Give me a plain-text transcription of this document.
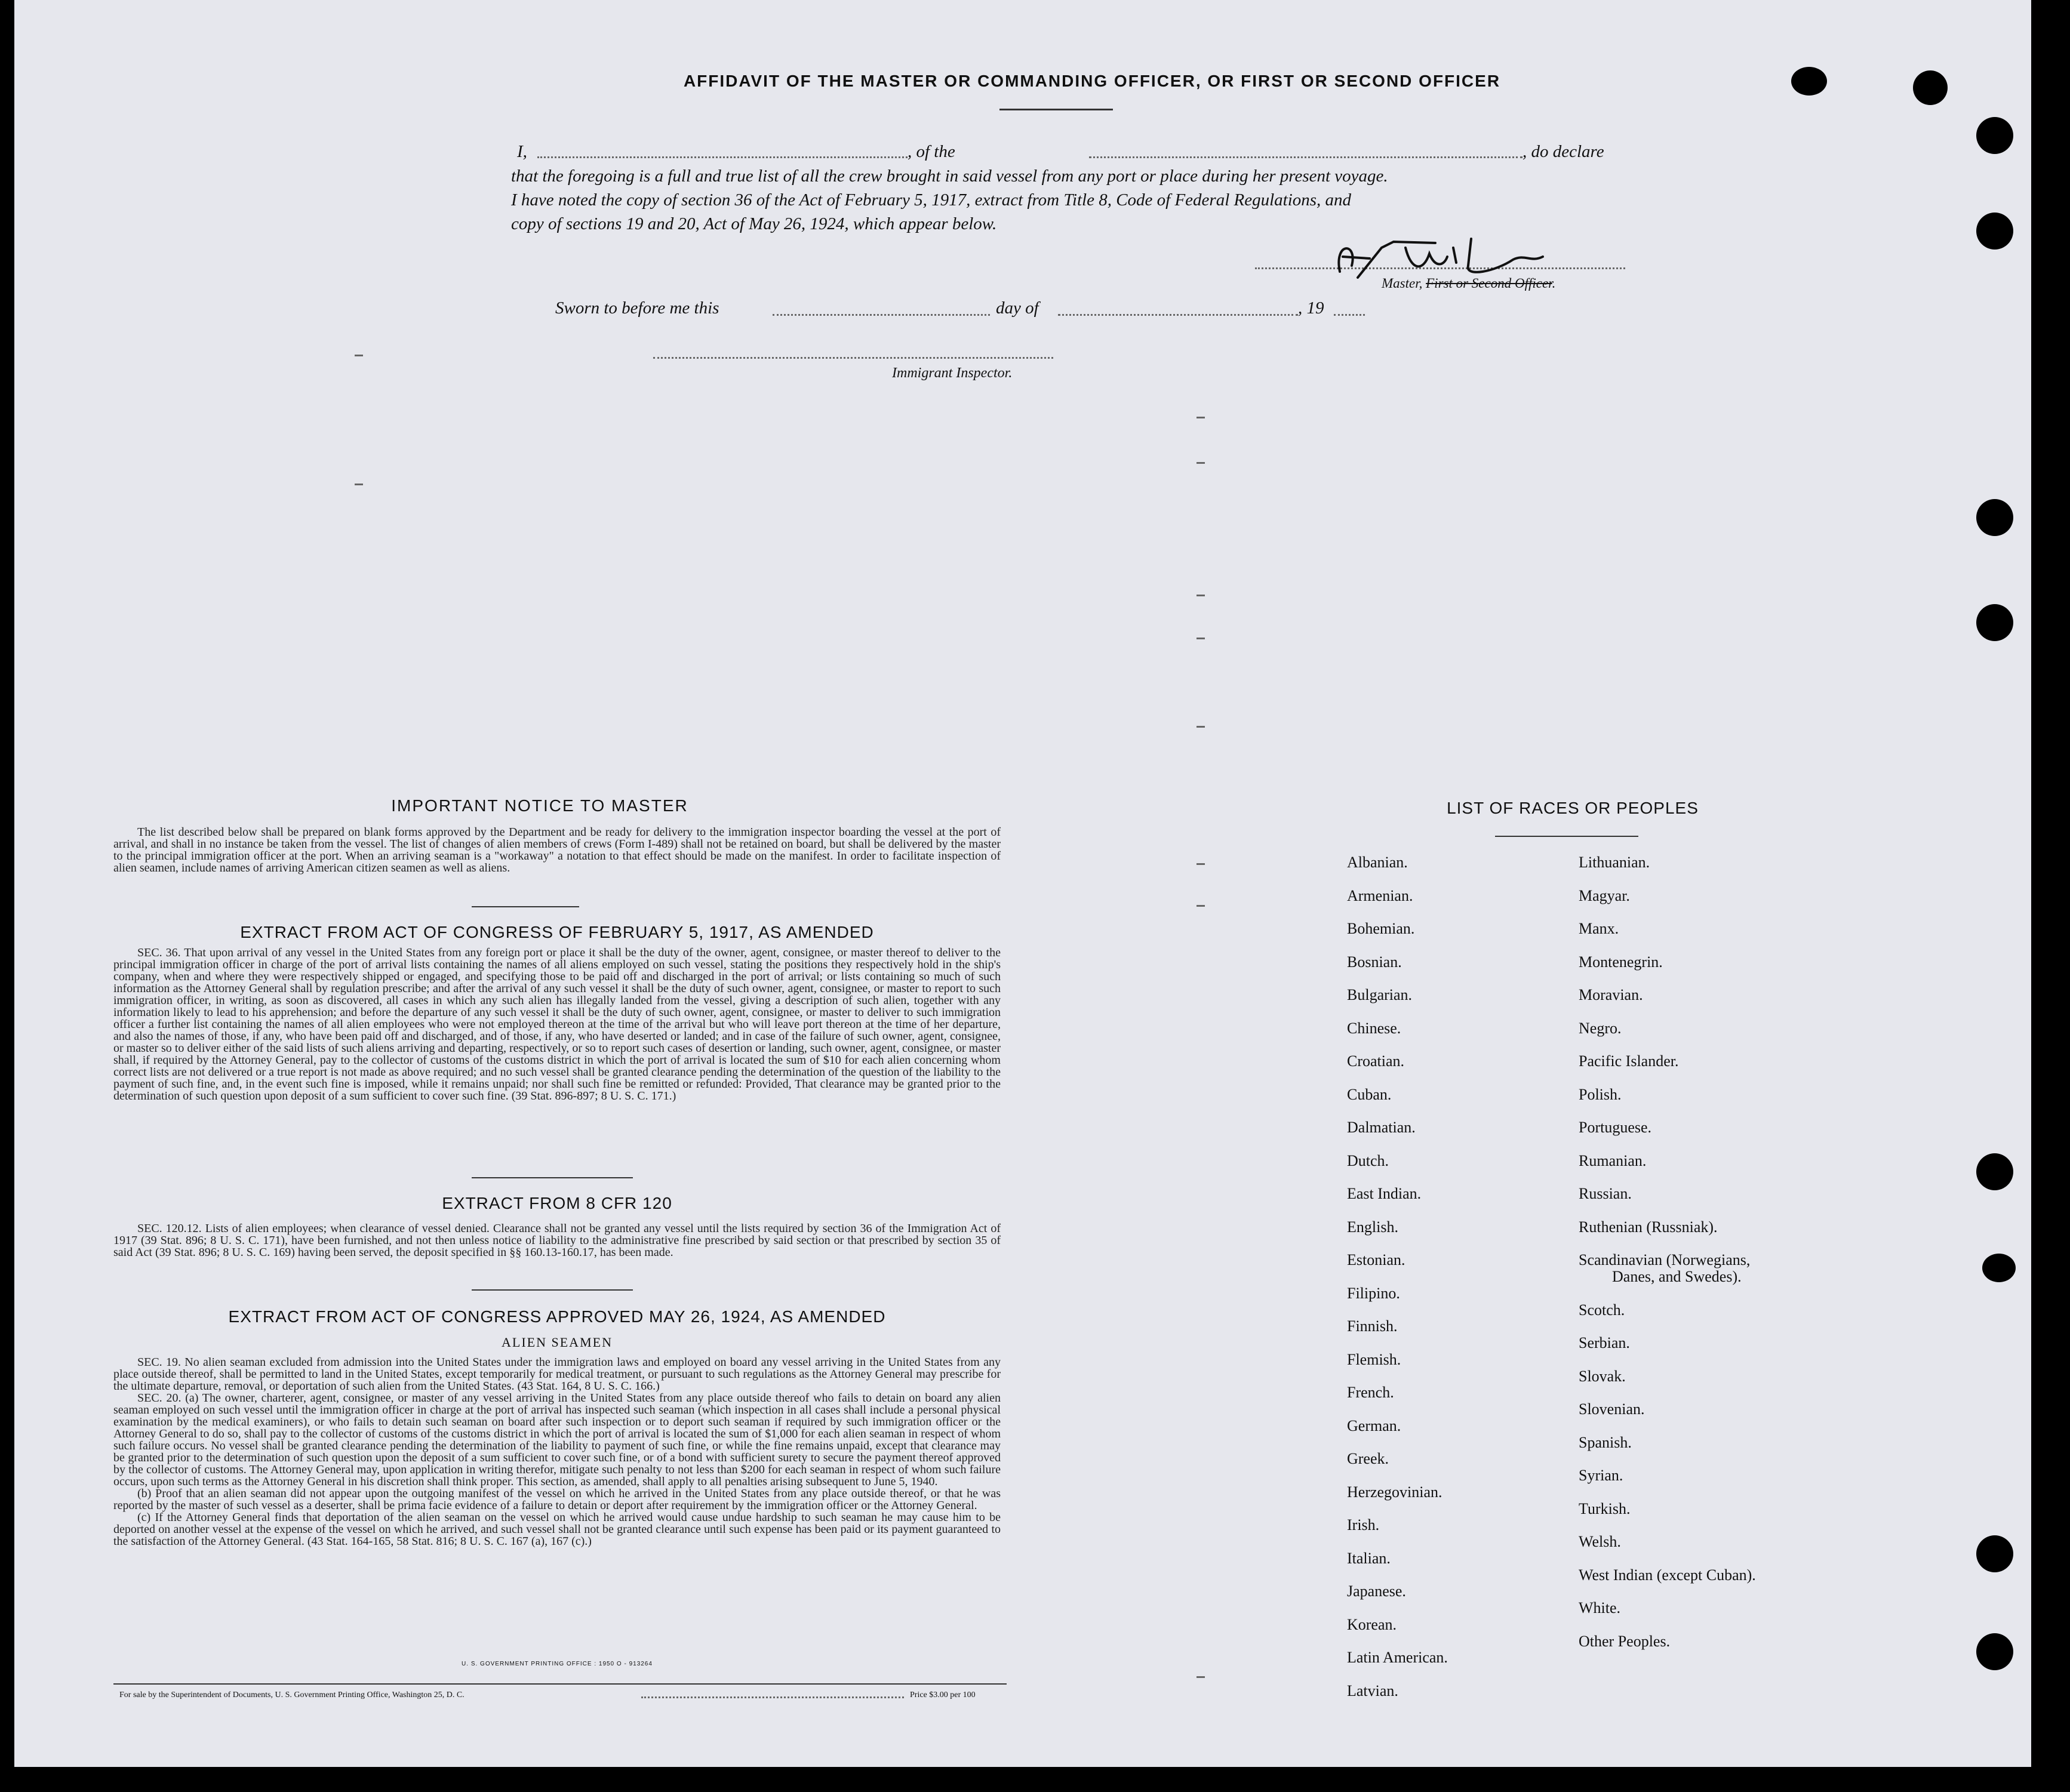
AFFIDAVIT OF THE MASTER OR COMMANDING OFFICER, OR FIRST OR SECOND OFFICER
I,	, of the	, do declare
that the foregoing is a full and true list of all the crew brought in said vessel from any port or place during her present voyage.
I have noted the copy of section 36 of the Act of February 5, 1917, extract from Title 8, Code of Federal Regulations, and
copy of sections 19 and 20, Act of May 26, 1924, which appear below.
Master, First or Second Officer.
Sworn to before me this	day of	, 19
Immigrant Inspector.
IMPORTANT NOTICE TO MASTER

The list described below shall be prepared on blank forms approved by the Department and be ready for delivery to the immigration inspector boarding the vessel at the port of arrival, and shall in no instance be taken from the vessel. The list of changes of alien members of crews (Form I-489) shall not be retained on board, but shall be delivered by the master to the principal immigration officer at the port. When an arriving seaman is a "workaway" a notation to that effect should be made on the manifest. In order to facilitate inspection of alien seamen, include names of arriving American citizen seamen as well as aliens.

EXTRACT FROM ACT OF CONGRESS OF FEBRUARY 5, 1917, AS AMENDED

SEC. 36. That upon arrival of any vessel in the United States from any foreign port or place it shall be the duty of the owner, agent, consignee, or master thereof to deliver to the principal immigration officer in charge of the port of arrival lists containing the names of all aliens employed on such vessel, stating the positions they respectively hold in the ship's company, when and where they were respectively shipped or engaged, and specifying those to be paid off and discharged in the port of arrival; or lists containing so much of such information as the Attorney General shall by regulation prescribe; and after the arrival of any such vessel it shall be the duty of such owner, agent, consignee, or master to report to such immigration officer, in writing, as soon as discovered, all cases in which any such alien has illegally landed from the vessel, giving a description of such alien, together with any information likely to lead to his apprehension; and before the departure of any such vessel it shall be the duty of such owner, agent, consignee, or master to deliver to such immigration officer a further list containing the names of all alien employees who were not employed thereon at the time of the arrival but who will leave port thereon at the time of her departure, and also the names of those, if any, who have been paid off and discharged, and of those, if any, who have deserted or landed; and in case of the failure of such owner, agent, consignee, or master so to deliver either of the said lists of such aliens arriving and departing, respectively, or so to report such cases of desertion or landing, such owner, agent, consignee, or master shall, if required by the Attorney General, pay to the collector of customs of the customs district in which the port of arrival is located the sum of $10 for each alien concerning whom correct lists are not delivered or a true report is not made as above required; and no such vessel shall be granted clearance pending the determination of the question of the liability to the payment of such fine, and, in the event such fine is imposed, while it remains unpaid; nor shall such fine be remitted or refunded: Provided, That clearance may be granted prior to the determination of such question upon deposit of a sum sufficient to cover such fine. (39 Stat. 896-897; 8 U. S. C. 171.)

EXTRACT FROM 8 CFR 120

SEC. 120.12. Lists of alien employees; when clearance of vessel denied. Clearance shall not be granted any vessel until the lists required by section 36 of the Immigration Act of 1917 (39 Stat. 896; 8 U. S. C. 171), have been furnished, and not then unless notice of liability to the administrative fine prescribed by said section or that prescribed by section 35 of said Act (39 Stat. 896; 8 U. S. C. 169) having been served, the deposit specified in §§ 160.13-160.17, has been made.

EXTRACT FROM ACT OF CONGRESS APPROVED MAY 26, 1924, AS AMENDED
ALIEN SEAMEN

SEC. 19. No alien seaman excluded from admission into the United States under the immigration laws and employed on board any vessel arriving in the United States from any place outside thereof, shall be permitted to land in the United States, except temporarily for medical treatment, or pursuant to such regulations as the Attorney General may prescribe for the ultimate departure, removal, or deportation of such alien from the United States. (43 Stat. 164, 8 U. S. C. 166.)

SEC. 20. (a) The owner, charterer, agent, consignee, or master of any vessel arriving in the United States from any place outside thereof who fails to detain on board any alien seaman employed on such vessel until the immigration officer in charge at the port of arrival has inspected such seaman (which inspection in all cases shall include a personal physical examination by the medical examiners), or who fails to detain such seaman on board after such inspection or to deport such seaman if required by such immigration officer or the Attorney General to do so, shall pay to the collector of customs of the customs district in which the port of arrival is located the sum of $1,000 for each alien seaman in respect of whom such failure occurs. No vessel shall be granted clearance pending the determination of the liability to payment of such fine, or while the fine remains unpaid, except that clearance may be granted prior to the determination of such question upon the deposit of a sum sufficient to cover such fine, or of a bond with sufficient surety to secure the payment thereof approved by the collector of customs. The Attorney General may, upon application in writing therefor, mitigate such penalty to not less than $200 for each seaman in respect of whom such failure occurs, upon such terms as the Attorney General in his discretion shall think proper. This section, as amended, shall apply to all penalties arising subsequent to June 5, 1940.

(b) Proof that an alien seaman did not appear upon the outgoing manifest of the vessel on which he arrived in the United States from any place outside thereof, or that he was reported by the master of such vessel as a deserter, shall be prima facie evidence of a failure to detain or deport after requirement by the immigration officer or the Attorney General.

(c) If the Attorney General finds that deportation of the alien seaman on the vessel on which he arrived would cause undue hardship to such seaman he may cause him to be deported on another vessel at the expense of the vessel on which he arrived, and such vessel shall not be granted clearance until such expense has been paid or its payment guaranteed to the satisfaction of the Attorney General. (43 Stat. 164-165, 58 Stat. 816; 8 U. S. C. 167 (a), 167 (c).)

U. S. GOVERNMENT PRINTING OFFICE : 1950 O - 913264
For sale by the Superintendent of Documents, U. S. Government Printing Office, Washington 25, D. C.	Price $3.00 per 100
LIST OF RACES OR PEOPLES
Albanian.
Armenian.
Bohemian.
Bosnian.
Bulgarian.
Chinese.
Croatian.
Cuban.
Dalmatian.
Dutch.
East Indian.
English.
Estonian.
Filipino.
Finnish.
Flemish.
French.
German.
Greek.
Herzegovinian.
Irish.
Italian.
Japanese.
Korean.
Latin American.
Latvian.
Lithuanian.
Magyar.
Manx.
Montenegrin.
Moravian.
Negro.
Pacific Islander.
Polish.
Portuguese.
Rumanian.
Russian.
Ruthenian (Russniak).
Scandinavian (Norwegians,
Danes, and Swedes).
Scotch.
Serbian.
Slovak.
Slovenian.
Spanish.
Syrian.
Turkish.
Welsh.
West Indian (except Cuban).
White.
Other Peoples.
